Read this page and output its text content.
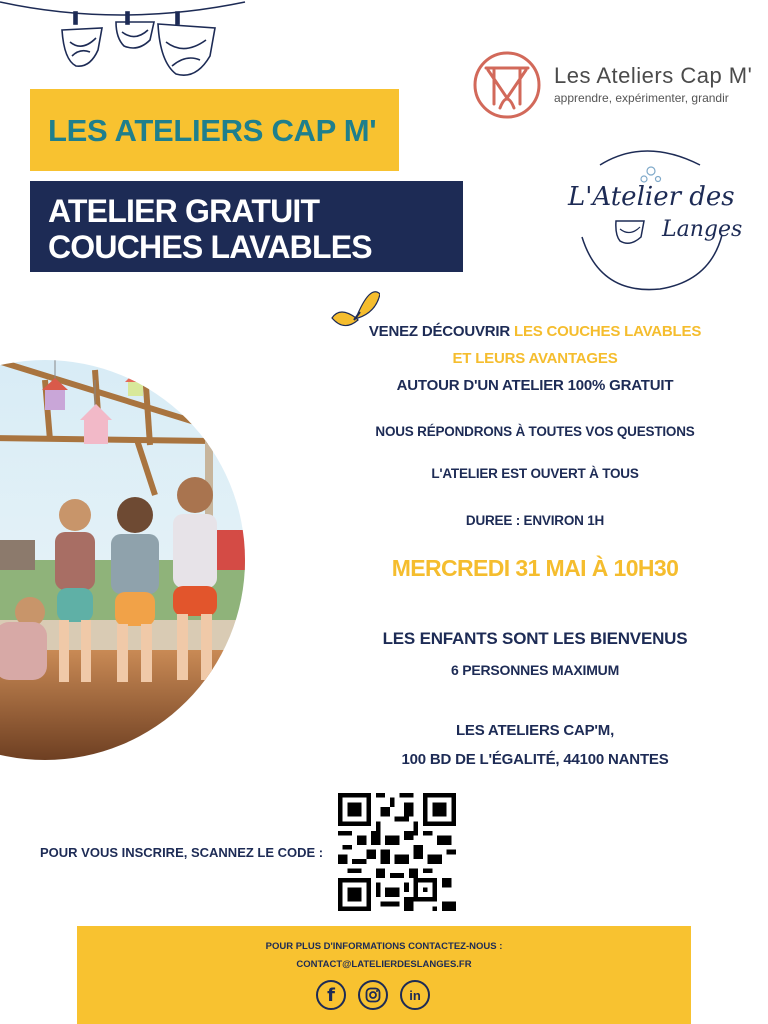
LES ATELIERS CAP M'
ATELIER GRATUIT
COUCHES LAVABLES
Les Ateliers Cap M'
apprendre, expérimenter, grandir
L'Atelier des
Langes
VENEZ DÉCOUVRIR LES COUCHES LAVABLES
ET LEURS AVANTAGES
AUTOUR D'UN ATELIER 100% GRATUIT
NOUS RÉPONDRONS À TOUTES VOS QUESTIONS
L'ATELIER EST OUVERT À TOUS
DUREE : ENVIRON 1H
MERCREDI 31 MAI À 10H30
LES ENFANTS SONT LES BIENVENUS
6 PERSONNES MAXIMUM
LES ATELIERS CAP'M,
100 BD DE L'ÉGALITÉ, 44100 NANTES
POUR VOUS INSCRIRE, SCANNEZ LE CODE :
POUR PLUS D'INFORMATIONS CONTACTEZ-NOUS :
CONTACT@LATELIERDESLANGES.FR
f	in
